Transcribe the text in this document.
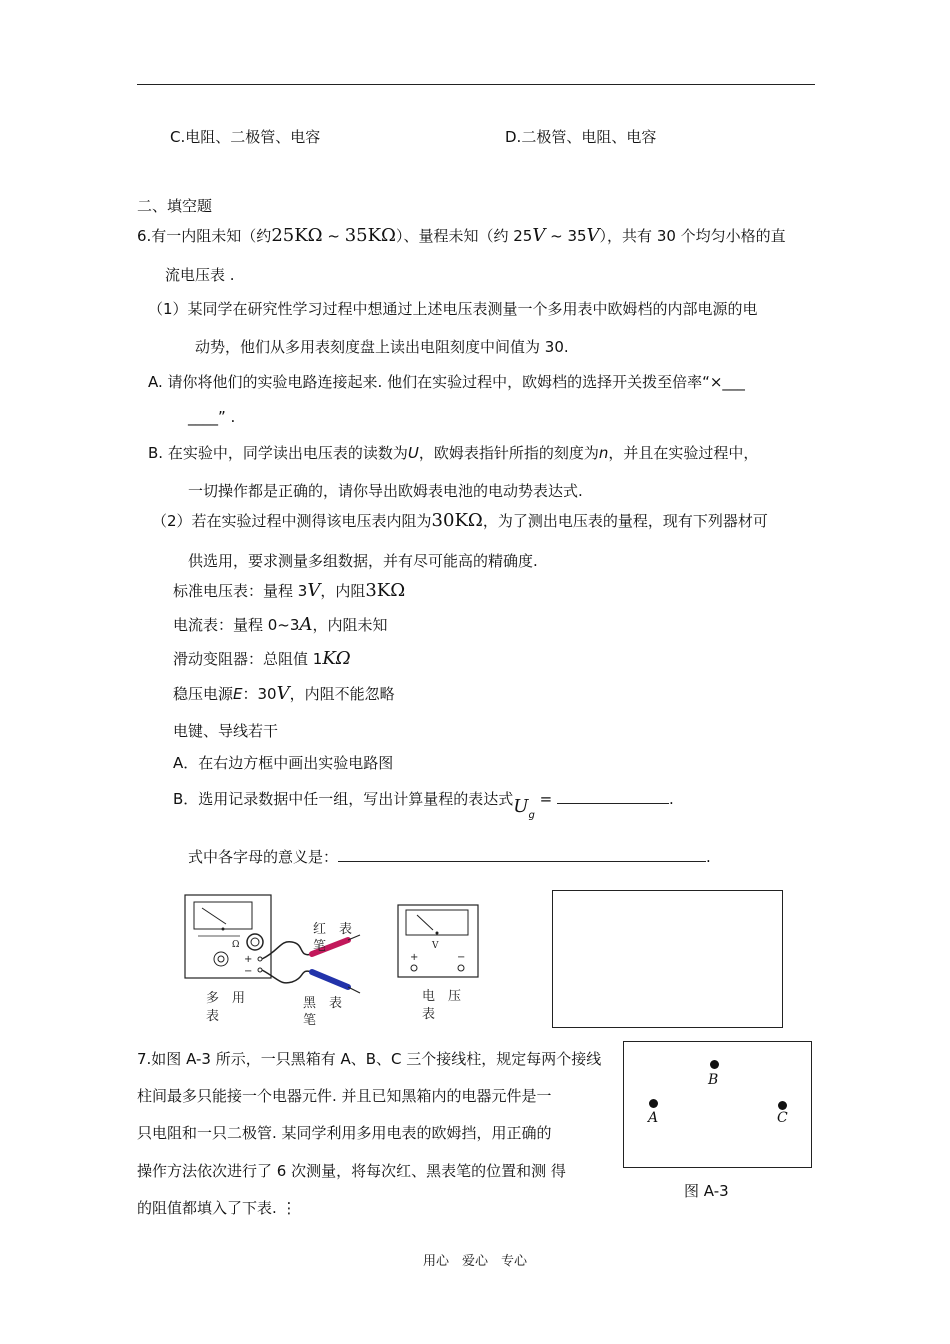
C.电阻、二极管、电容	D.二极管、电阻、电容
二、填空题
6.有一内阻未知（约25KΩ ~ 35KΩ）、量程未知（约 25V ~ 35V），共有 30 个均匀小格的直
流电压表 .
（1）某同学在研究性学习过程中想通过上述电压表测量一个多用表中欧姆档的内部电源的电
动势，他们从多用表刻度盘上读出电阻刻度中间值为 30.
A. 请你将他们的实验电路连接起来. 他们在实验过程中，欧姆档的选择开关拨至倍率“×___
____” .
B. 在实验中，同学读出电压表的读数为U，欧姆表指针所指的刻度为n，并且在实验过程中，
一切操作都是正确的，请你导出欧姆表电池的电动势表达式.
（2）若在实验过程中测得该电压表内阻为30KΩ，为了测出电压表的量程，现有下列器材可
供选用，要求测量多组数据，并有尽可能高的精确度.
标准电压表：量程 3V，内阻3KΩ
电流表：量程 0~3A，内阻未知
滑动变阻器：总阻值 1KΩ
稳压电源E：30V，内阻不能忽略
电键、导线若干
A．在右边方框中画出实验电路图
B．选用记录数据中任一组，写出计算量程的表达式$U_g$ =	.
式中各字母的意义是：	.
Ω
+
−
V
+	−
多　用
表
红　表
笔
黑　表
笔
电　压
表
7.如图 A-3 所示，一只黑箱有 A、B、C 三个接线柱，规定每两个接线
柱间最多只能接一个电器元件. 并且已知黑箱内的电器元件是一
只电阻和一只二极管. 某同学利用多用电表的欧姆挡，用正确的
操作方法依次进行了 6 次测量，将每次红、黑表笔的位置和测 得
的阻值都填入了下表. ⋮
B
A	C
图 A-3
用心　爱心　专心
